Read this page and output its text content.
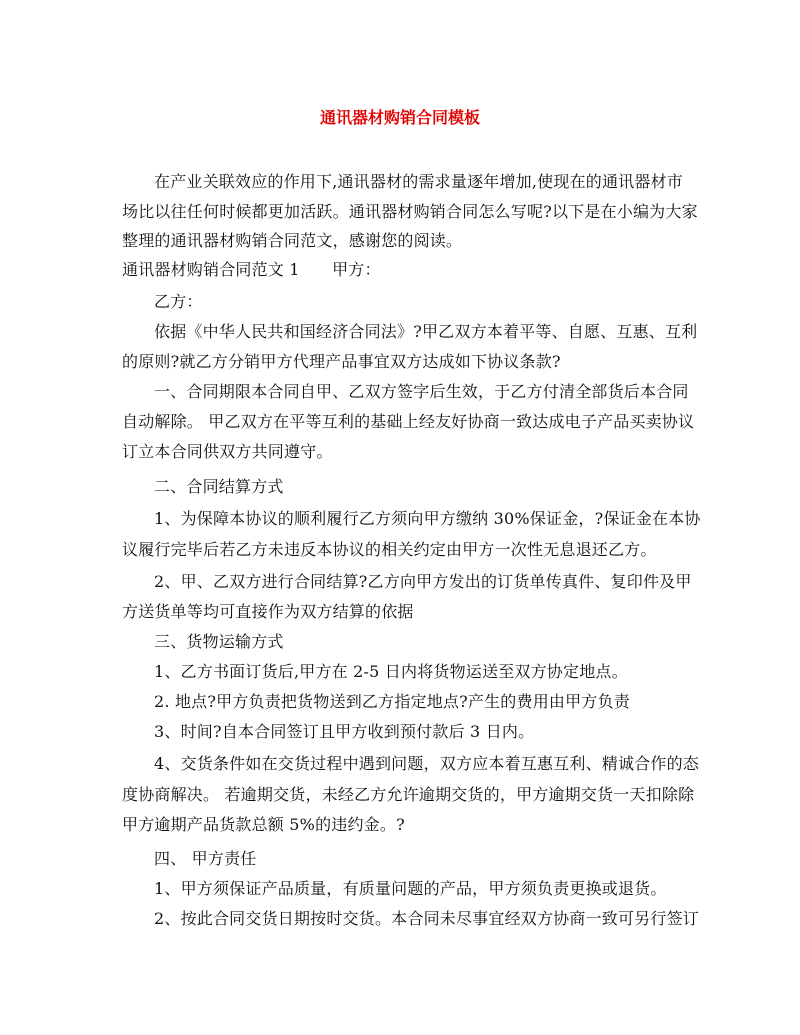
通讯器材购销合同模板
在产业关联效应的作用下,通讯器材的需求量逐年增加,使现在的通讯器材市
场比以往任何时候都更加活跃。通讯器材购销合同怎么写呢?以下是在小编为大家
整理的通讯器材购销合同范文，感谢您的阅读。
通讯器材购销合同范文 1　　甲方：
乙方：
依据《中华人民共和国经济合同法》?甲乙双方本着平等、自愿、互惠、互利
的原则?就乙方分销甲方代理产品事宜双方达成如下协议条款?
一、合同期限本合同自甲、乙双方签字后生效，于乙方付清全部货后本合同
自动解除。 甲乙双方在平等互利的基础上经友好协商一致达成电子产品买卖协议
订立本合同供双方共同遵守。
二、合同结算方式
1、为保障本协议的顺利履行乙方须向甲方缴纳 30%保证金，?保证金在本协
议履行完毕后若乙方未违反本协议的相关约定由甲方一次性无息退还乙方。
2、甲、乙双方进行合同结算?乙方向甲方发出的订货单传真件、复印件及甲
方送货单等均可直接作为双方结算的依据
三、货物运输方式
1、乙方书面订货后,甲方在 2-5 日内将货物运送至双方协定地点。
2. 地点?甲方负责把货物送到乙方指定地点?产生的费用由甲方负责
3、时间?自本合同签订且甲方收到预付款后 3 日内。
4、交货条件如在交货过程中遇到问题，双方应本着互惠互利、精诚合作的态
度协商解决。 若逾期交货，未经乙方允许逾期交货的，甲方逾期交货一天扣除除
甲方逾期产品货款总额 5%的违约金。?
四、 甲方责任
1、甲方须保证产品质量，有质量问题的产品，甲方须负责更换或退货。
2、按此合同交货日期按时交货。本合同未尽事宜经双方协商一致可另行签订
